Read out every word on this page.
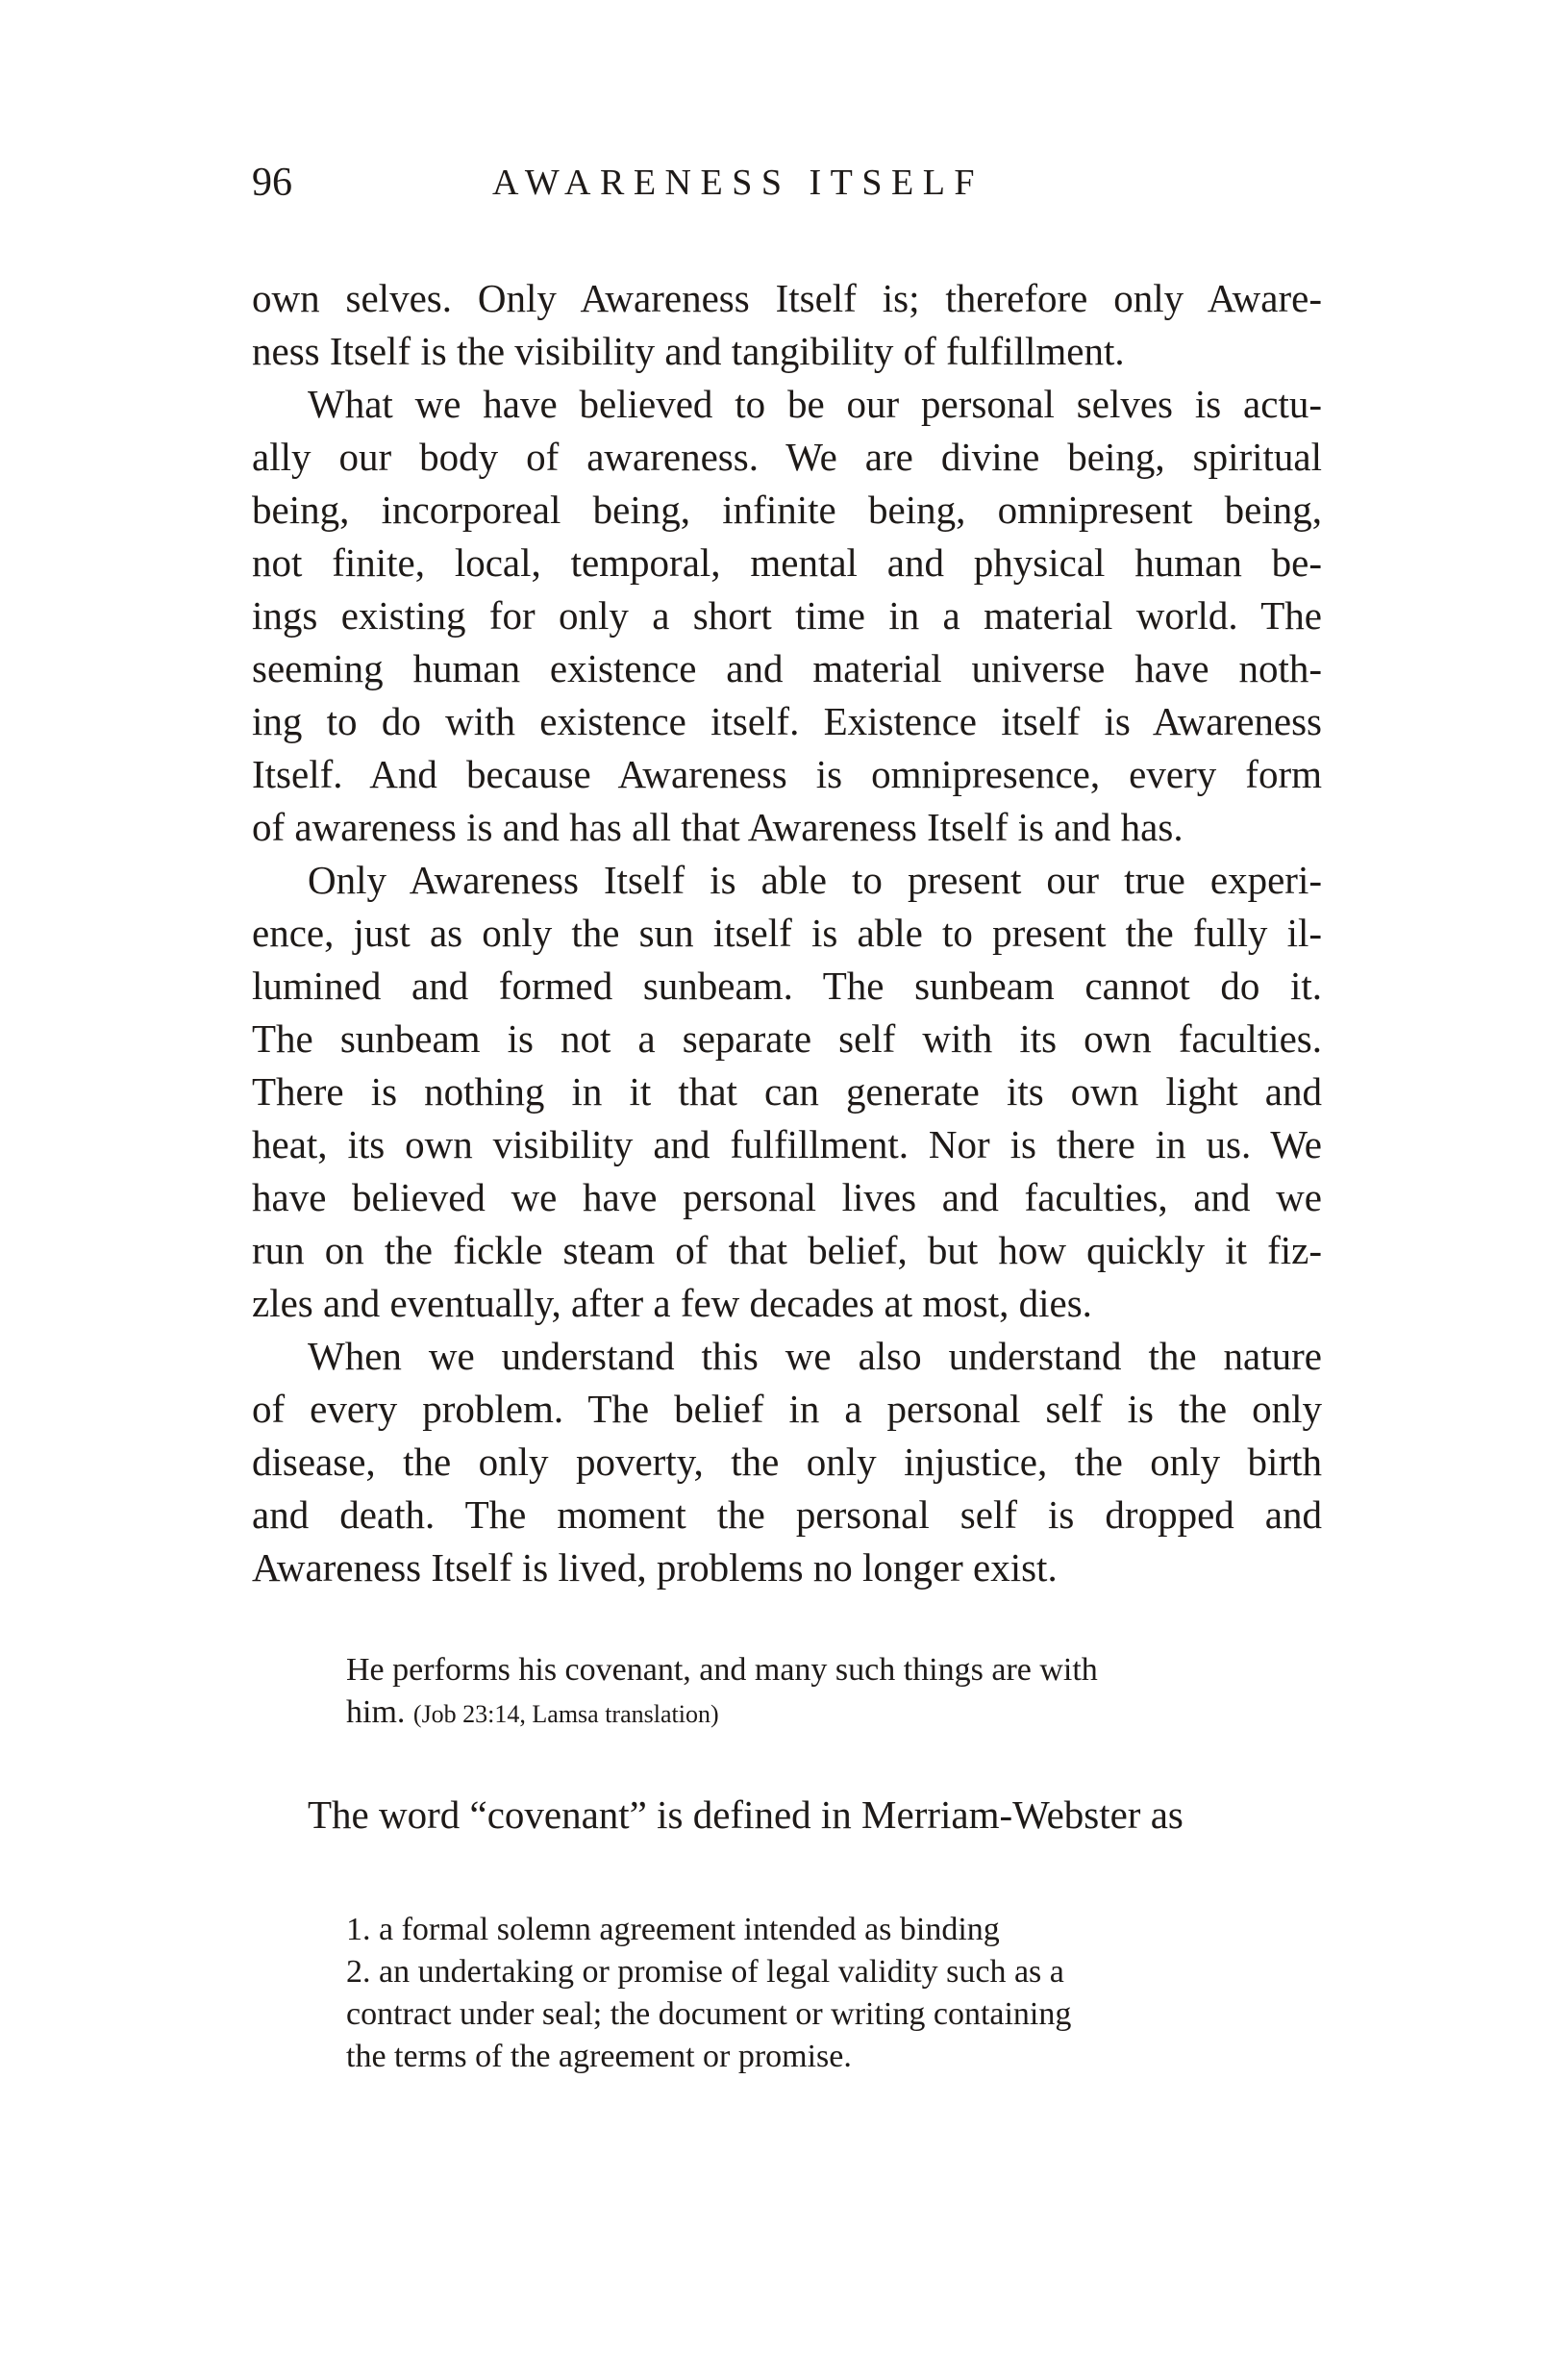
96	AWARENESS ITSELF
own selves. Only Awareness Itself is; therefore only Aware-
ness Itself is the visibility and tangibility of fulfillment.
What we have believed to be our personal selves is actu-
ally our body of awareness. We are divine being, spiritual
being, incorporeal being, infinite being, omnipresent being,
not finite, local, temporal, mental and physical human be-
ings existing for only a short time in a material world. The
seeming human existence and material universe have noth-
ing to do with existence itself. Existence itself is Awareness
Itself. And because Awareness is omnipresence, every form
of awareness is and has all that Awareness Itself is and has.
Only Awareness Itself is able to present our true experi-
ence, just as only the sun itself is able to present the fully il-
lumined and formed sunbeam. The sunbeam cannot do it.
The sunbeam is not a separate self with its own faculties.
There is nothing in it that can generate its own light and
heat, its own visibility and fulfillment. Nor is there in us. We
have believed we have personal lives and faculties, and we
run on the fickle steam of that belief, but how quickly it fiz-
zles and eventually, after a few decades at most, dies.
When we understand this we also understand the nature
of every problem. The belief in a personal self is the only
disease, the only poverty, the only injustice, the only birth
and death. The moment the personal self is dropped and
Awareness Itself is lived, problems no longer exist.
He performs his covenant, and many such things are with
him. (Job 23:14, Lamsa translation)
The word “covenant” is defined in Merriam-Webster as
1. a formal solemn agreement intended as binding
2. an undertaking or promise of legal validity such as a
contract under seal; the document or writing containing
the terms of the agreement or promise.
